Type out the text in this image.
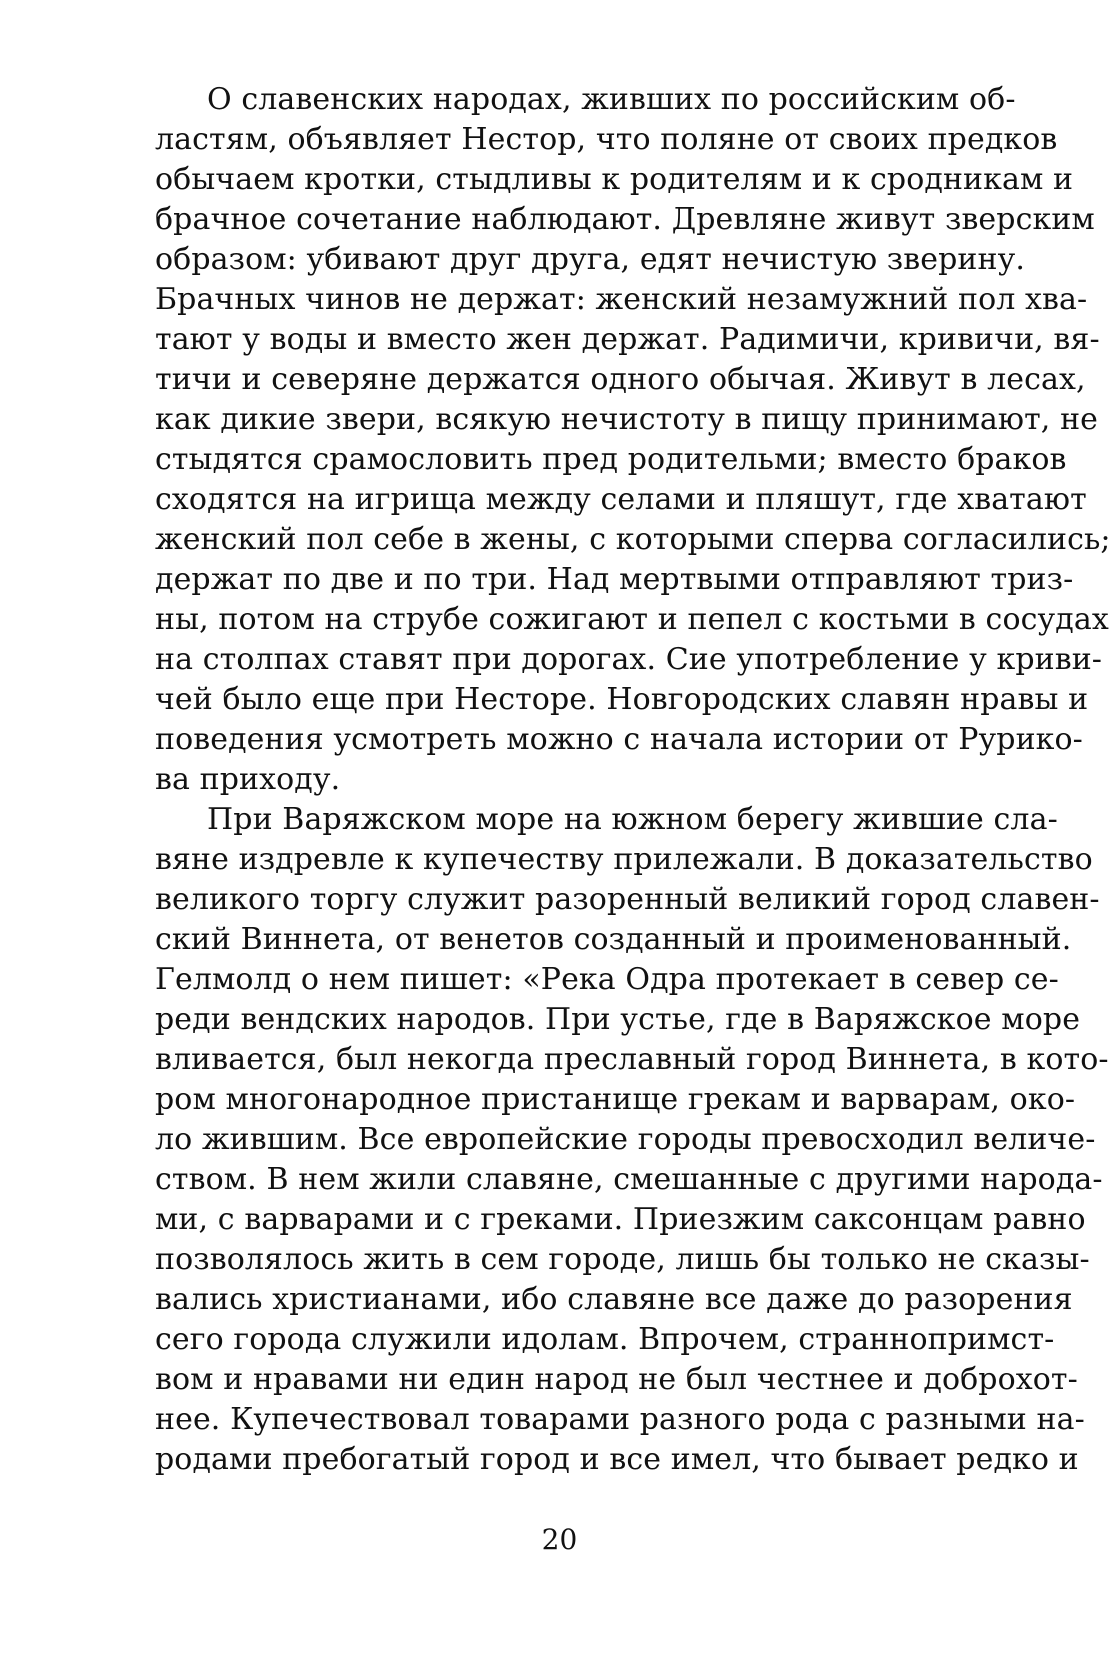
О славенских народах, живших по российским об-
ластям, объявляет Нестор, что поляне от своих предков
обычаем кротки, стыдливы к родителям и к сродникам и
брачное сочетание наблюдают. Древляне живут зверским
образом: убивают друг друга, едят нечистую зверину.
Брачных чинов не держат: женский незамужний пол хва-
тают у воды и вместо жен держат. Радимичи, кривичи, вя-
тичи и северяне держатся одного обычая. Живут в лесах,
как дикие звери, всякую нечистоту в пищу принимают, не
стыдятся срамословить пред родительми; вместо браков
сходятся на игрища между селами и пляшут, где хватают
женский пол себе в жены, с которыми сперва согласились;
держат по две и по три. Над мертвыми отправляют триз-
ны, потом на струбе сожигают и пепел с костьми в сосудах
на столпах ставят при дорогах. Сие употребление у криви-
чей было еще при Несторе. Новгородских славян нравы и
поведения усмотреть можно с начала истории от Рурико-
ва приходу.
При Варяжском море на южном берегу жившие сла-
вяне издревле к купечеству прилежали. В доказательство
великого торгу служит разоренный великий город славен-
ский Виннета, от венетов созданный и проименованный.
Гелмолд о нем пишет: «Река Одра протекает в север се-
реди вендских народов. При устье, где в Варяжское море
вливается, был некогда преславный город Виннета, в кото-
ром многонародное пристанище грекам и варварам, око-
ло жившим. Все европейские городы превосходил величе-
ством. В нем жили славяне, смешанные с другими народа-
ми, с варварами и с греками. Приезжим саксонцам равно
позволялось жить в сем городе, лишь бы только не сказы-
вались христианами, ибо славяне все даже до разорения
сего города служили идолам. Впрочем, страннопримст-
вом и нравами ни един народ не был честнее и доброхот-
нее. Купечествовал товарами разного рода с разными на-
родами пребогатый город и все имел, что бывает редко и
20
